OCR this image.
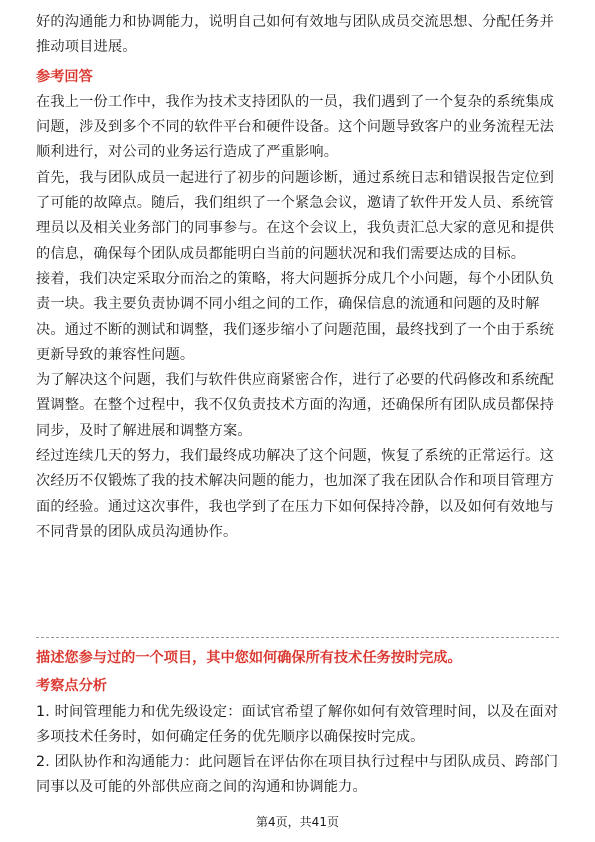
好的沟通能力和协调能力，说明自己如何有效地与团队成员交流思想、分配任务并推动项目进展。

参考回答

在我上一份工作中，我作为技术支持团队的一员，我们遇到了一个复杂的系统集成问题，涉及到多个不同的软件平台和硬件设备。这个问题导致客户的业务流程无法顺利进行，对公司的业务运行造成了严重影响。

首先，我与团队成员一起进行了初步的问题诊断，通过系统日志和错误报告定位到了可能的故障点。随后，我们组织了一个紧急会议，邀请了软件开发人员、系统管理员以及相关业务部门的同事参与。在这个会议上，我负责汇总大家的意见和提供的信息，确保每个团队成员都能明白当前的问题状况和我们需要达成的目标。

接着，我们决定采取分而治之的策略，将大问题拆分成几个小问题，每个小团队负责一块。我主要负责协调不同小组之间的工作，确保信息的流通和问题的及时解决。通过不断的测试和调整，我们逐步缩小了问题范围，最终找到了一个由于系统更新导致的兼容性问题。

为了解决这个问题，我们与软件供应商紧密合作，进行了必要的代码修改和系统配置调整。在整个过程中，我不仅负责技术方面的沟通，还确保所有团队成员都保持同步，及时了解进展和调整方案。

经过连续几天的努力，我们最终成功解决了这个问题，恢复了系统的正常运行。这次经历不仅锻炼了我的技术解决问题的能力，也加深了我在团队合作和项目管理方面的经验。通过这次事件，我也学到了在压力下如何保持冷静，以及如何有效地与不同背景的团队成员沟通协作。

描述您参与过的一个项目，其中您如何确保所有技术任务按时完成。

考察点分析

1. 时间管理能力和优先级设定：面试官希望了解你如何有效管理时间，以及在面对多项技术任务时，如何确定任务的优先顺序以确保按时完成。

2. 团队协作和沟通能力：此问题旨在评估你在项目执行过程中与团队成员、跨部门同事以及可能的外部供应商之间的沟通和协调能力。

第4页，共41页
